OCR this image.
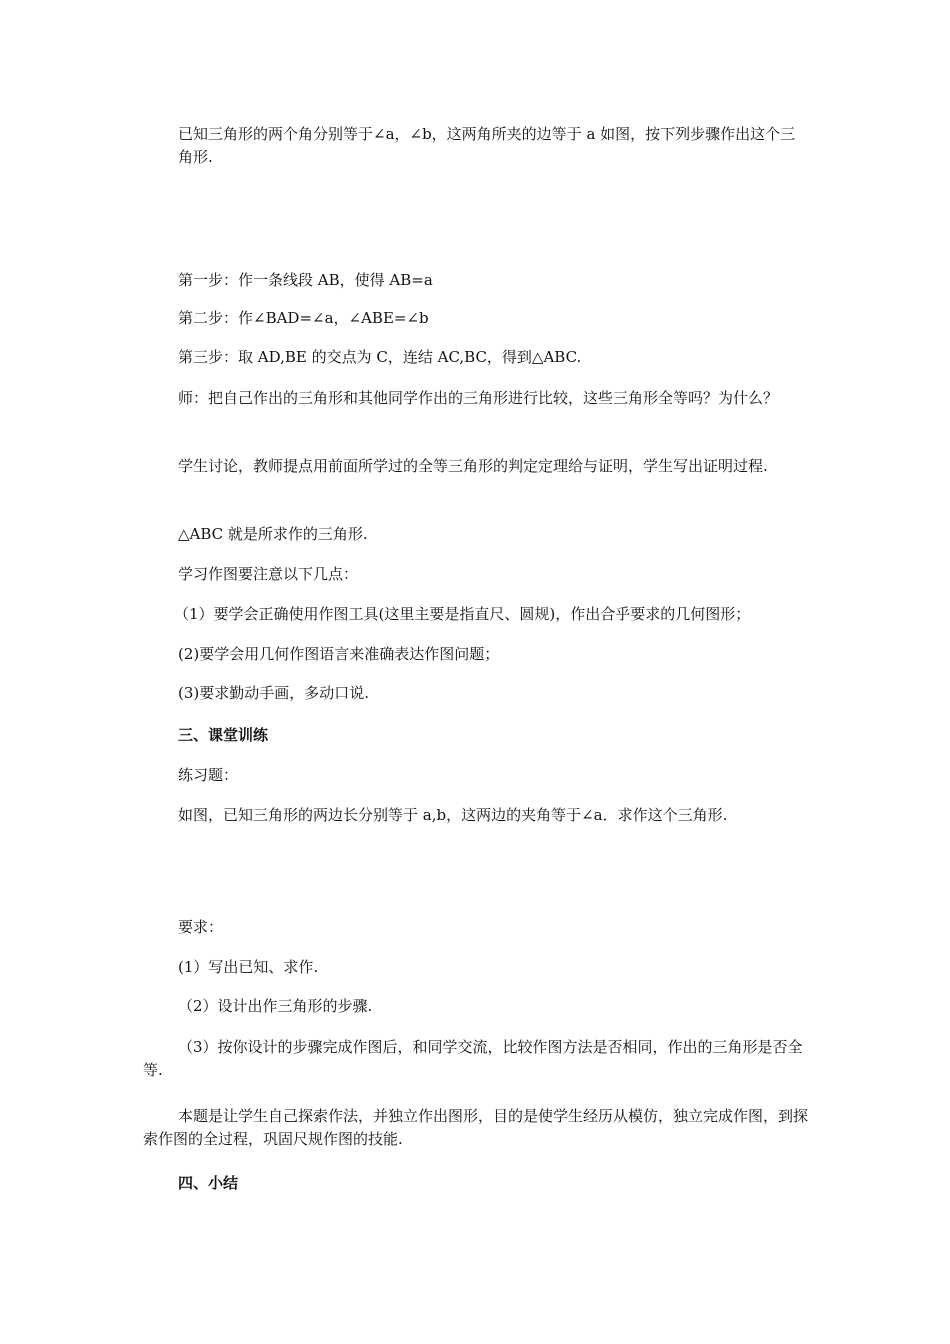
已知三角形的两个角分别等于∠a，∠b，这两角所夹的边等于 a 如图，按下列步骤作出这个三角形.
α	β
a
第一步：作一条线段 AB，使得 AB=a
第二步：作∠BAD=∠a，∠ABE=∠b
第三步：取 AD,BE 的交点为 C，连结 AC,BC，得到△ABC.
师：把自己作出的三角形和其他同学作出的三角形进行比较，这些三角形全等吗？为什么？
学生讨论，教师提点用前面所学过的全等三角形的判定定理给与证明，学生写出证明过程.
△ABC 就是所求作的三角形.
学习作图要注意以下几点：
（1）要学会正确使用作图工具(这里主要是指直尺、圆规)，作出合乎要求的几何图形；
(2)要学会用几何作图语言来准确表达作图问题；
(3)要求勤动手画，多动口说.
三、课堂训练
练习题：
如图，已知三角形的两边长分别等于 a,b，这两边的夹角等于∠a．求作这个三角形.
a	b	α
要求：
(1）写出已知、求作.
（2）设计出作三角形的步骤.
（3）按你设计的步骤完成作图后，和同学交流，比较作图方法是否相同，作出的三角形是否全等.
本题是让学生自己探索作法，并独立作出图形，目的是使学生经历从模仿，独立完成作图，到探索作图的全过程，巩固尺规作图的技能.
四、小结
